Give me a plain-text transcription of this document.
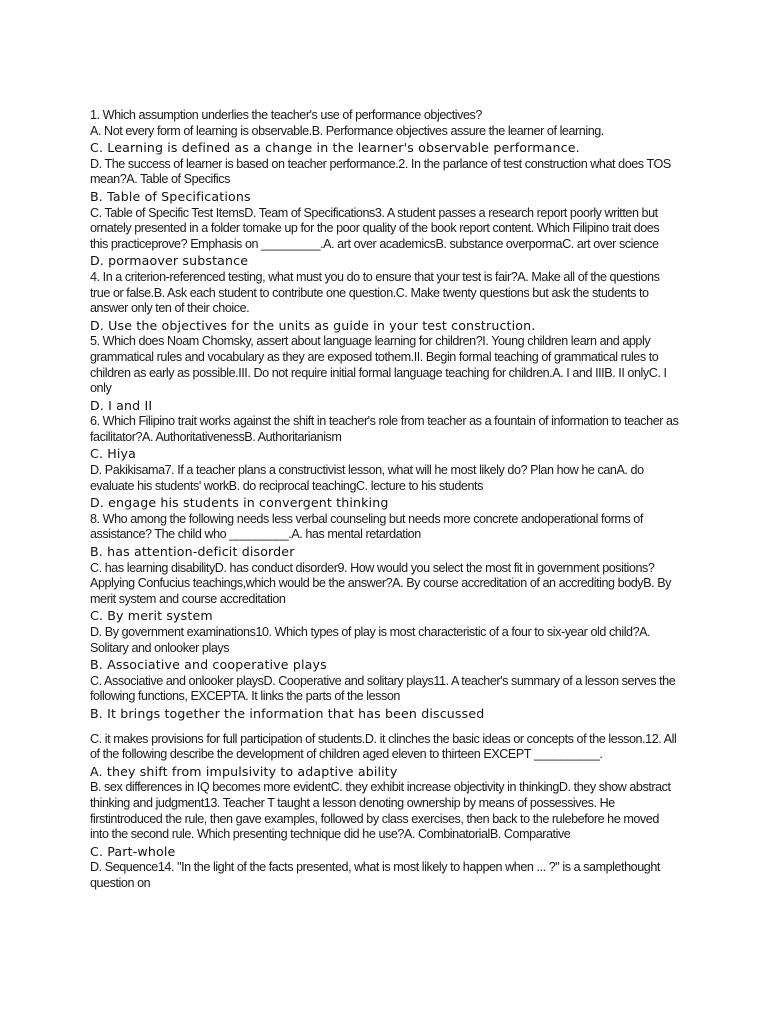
1. Which assumption underlies the teacher's use of performance objectives?

A. Not every form of learning is observable.B. Performance objectives assure the learner of learning.

C. Learning is defined as a change in the learner's observable performance.

D. The success of learner is based on teacher performance.2. In the parlance of test construction what does TOS mean?A. Table of Specifics

B. Table of Specifications

C. Table of Specific Test ItemsD. Team of Specifications3. A student passes a research report poorly written but ornately presented in a folder tomake up for the poor quality of the book report content. Which Filipino trait does this practiceprove? Emphasis on _________.A. art over academicsB. substance overpormaC. art over science

D. pormaover substance

4. In a criterion-referenced testing, what must you do to ensure that your test is fair?A. Make all of the questions true or false.B. Ask each student to contribute one question.C. Make twenty questions but ask the students to answer only ten of their choice.

D. Use the objectives for the units as guide in your test construction.

5. Which does Noam Chomsky, assert about language learning for children?I. Young children learn and apply grammatical rules and vocabulary as they are exposed tothem.II. Begin formal teaching of grammatical rules to children as early as possible.III. Do not require initial formal language teaching for children.A. I and IIIB. II onlyC. I only

D. I and II

6. Which Filipino trait works against the shift in teacher's role from teacher as a fountain of information to teacher as facilitator?A. AuthoritativenessB. Authoritarianism

C. Hiya

D. Pakikisama7. If a teacher plans a constructivist lesson, what will he most likely do? Plan how he canA. do evaluate his students' workB. do reciprocal teachingC. lecture to his students

D. engage his students in convergent thinking

8. Who among the following needs less verbal counseling but needs more concrete andoperational forms of assistance? The child who _________.A. has mental retardation

B. has attention-deficit disorder

C. has learning disabilityD. has conduct disorder9. How would you select the most fit in government positions? Applying Confucius teachings,which would be the answer?A. By course accreditation of an accrediting bodyB. By merit system and course accreditation

C. By merit system

D. By government examinations10. Which types of play is most characteristic of a four to six-year old child?A. Solitary and onlooker plays

B. Associative and cooperative plays

C. Associative and onlooker playsD. Cooperative and solitary plays11. A teacher's summary of a lesson serves the following functions, EXCEPTA. It links the parts of the lesson

B. It brings together the information that has been discussed

C. it makes provisions for full participation of students.D. it clinches the basic ideas or concepts of the lesson.12. All of the following describe the development of children aged eleven to thirteen EXCEPT __________.

A. they shift from impulsivity to adaptive ability

B. sex differences in IQ becomes more evidentC. they exhibit increase objectivity in thinkingD. they show abstract thinking and judgment13. Teacher T taught a lesson denoting ownership by means of possessives. He firstintroduced the rule, then gave examples, followed by class exercises, then back to the rulebefore he moved into the second rule. Which presenting technique did he use?A. CombinatorialB. Comparative

C. Part-whole

D. Sequence14. "In the light of the facts presented, what is most likely to happen when ... ?" is a samplethought question on
